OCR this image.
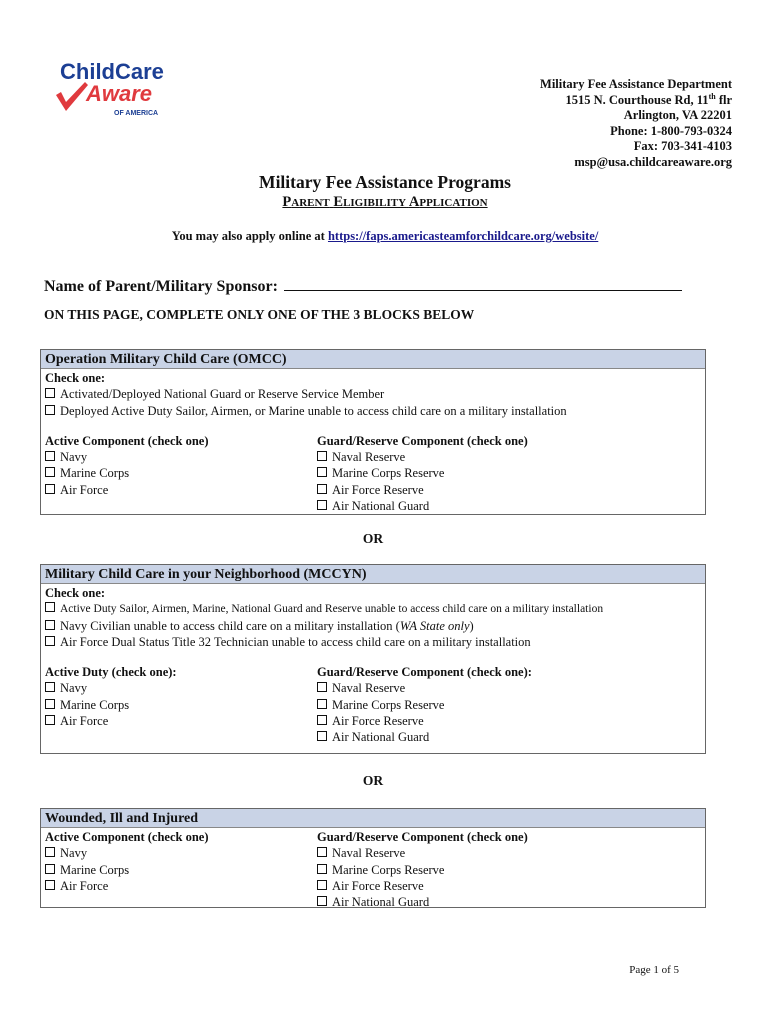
ChildCare
Aware
OF AMERICA
Military Fee Assistance Department
1515 N. Courthouse Rd, 11th flr
Arlington, VA 22201
Phone: 1-800-793-0324
Fax: 703-341-4103
msp@usa.childcareaware.org
Military Fee Assistance Programs
PARENT ELIGIBILITY APPLICATION
You may also apply online at https://faps.americasteamforchildcare.org/website/
Name of Parent/Military Sponsor:
ON THIS PAGE, COMPLETE ONLY ONE OF THE 3 BLOCKS BELOW
Operation Military Child Care (OMCC)
Check one:
Activated/Deployed National Guard or Reserve Service Member
Deployed Active Duty Sailor, Airmen, or Marine unable to access child care on a military installation
Active Component (check one)
Navy
Marine Corps
Air Force
Guard/Reserve Component (check one)
Naval Reserve
Marine Corps Reserve
Air Force Reserve
Air National Guard
OR
Military Child Care in your Neighborhood (MCCYN)
Check one:
Active Duty Sailor, Airmen, Marine, National Guard and Reserve unable to access child care on a military installation
Navy Civilian unable to access child care on a military installation (WA State only)
Air Force Dual Status Title 32 Technician unable to access child care on a military installation
Active Duty (check one):
Navy
Marine Corps
Air Force
Guard/Reserve Component (check one):
Naval Reserve
Marine Corps Reserve
Air Force Reserve
Air National Guard
OR
Wounded, Ill and Injured
Active Component (check one)
Navy
Marine Corps
Air Force
Guard/Reserve Component (check one)
Naval Reserve
Marine Corps Reserve
Air Force Reserve
Air National Guard
Page 1 of 5
